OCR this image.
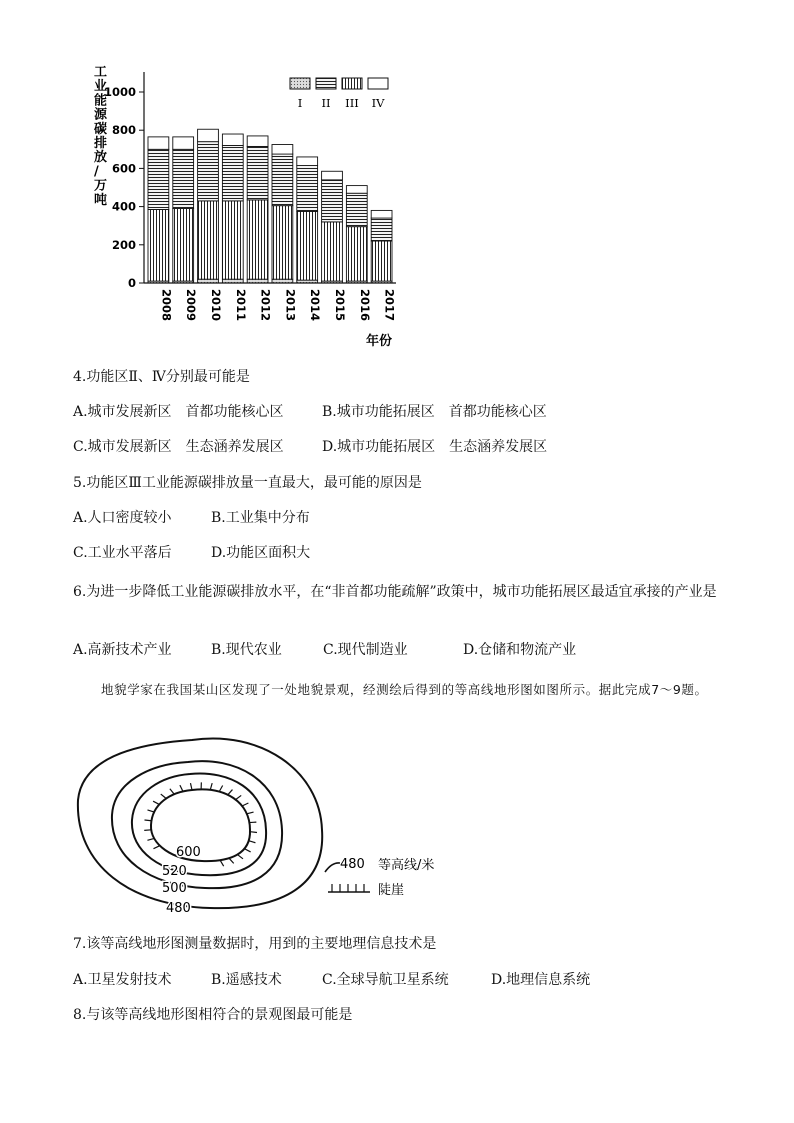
工业能源碳排放/万吨
0
200
400
600
800
1000
2008 2009 2010 2011 2012 2013 2014 2015 2016 2017
I II III IV
年份
4.功能区Ⅱ、Ⅳ分别最可能是
A.城市发展新区　首都功能核心区	B.城市功能拓展区　首都功能核心区
C.城市发展新区　生态涵养发展区	D.城市功能拓展区　生态涵养发展区
5.功能区Ⅲ工业能源碳排放量一直最大，最可能的原因是
A.人口密度较小	B.工业集中分布
C.工业水平落后	D.功能区面积大
6.为进一步降低工业能源碳排放水平，在“非首都功能疏解”政策中，城市功能拓展区最适宜承接的产业是
A.高新技术产业	B.现代农业	C.现代制造业	D.仓储和物流产业
地貌学家在我国某山区发现了一处地貌景观，经测绘后得到的等高线地形图如图所示。据此完成7～9题。
600
520
500
480
480 等高线/米
陡崖
7.该等高线地形图测量数据时，用到的主要地理信息技术是
A.卫星发射技术	B.遥感技术	C.全球导航卫星系统	D.地理信息系统
8.与该等高线地形图相符合的景观图最可能是
